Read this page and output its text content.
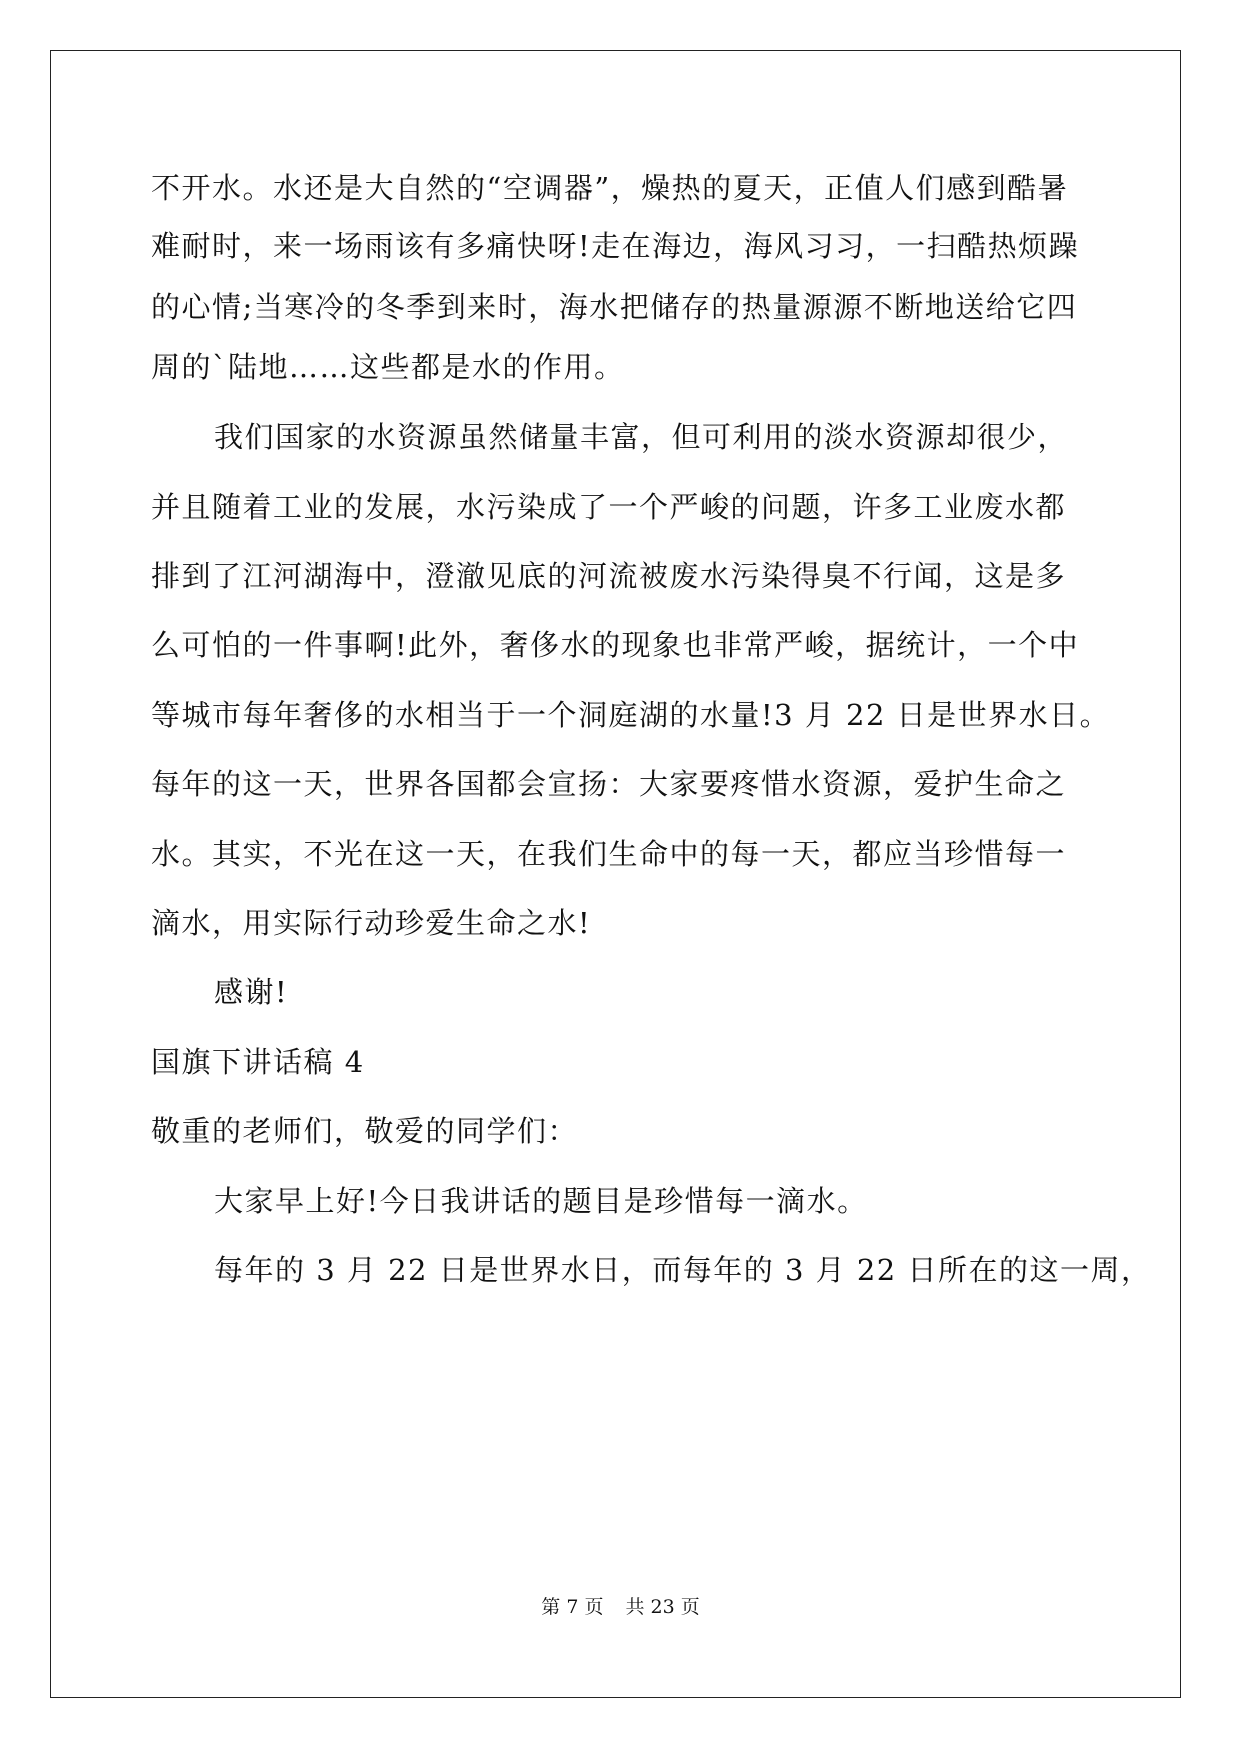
不开水。水还是大自然的“空调器”，燥热的夏天，正值人们感到酷暑
难耐时，来一场雨该有多痛快呀!走在海边，海风习习，一扫酷热烦躁
的心情;当寒冷的冬季到来时，海水把储存的热量源源不断地送给它四
周的`陆地……这些都是水的作用。
我们国家的水资源虽然储量丰富，但可利用的淡水资源却很少，
并且随着工业的发展，水污染成了一个严峻的问题，许多工业废水都
排到了江河湖海中，澄澈见底的河流被废水污染得臭不行闻，这是多
么可怕的一件事啊!此外，奢侈水的现象也非常严峻，据统计，一个中
等城市每年奢侈的水相当于一个洞庭湖的水量!3 月 22 日是世界水日。
每年的这一天，世界各国都会宣扬：大家要疼惜水资源，爱护生命之
水。其实，不光在这一天，在我们生命中的每一天，都应当珍惜每一
滴水，用实际行动珍爱生命之水!
感谢!
国旗下讲话稿 4
敬重的老师们，敬爱的同学们：
大家早上好!今日我讲话的题目是珍惜每一滴水。
每年的 3 月 22 日是世界水日，而每年的 3 月 22 日所在的这一周，
第 7 页 共 23 页
